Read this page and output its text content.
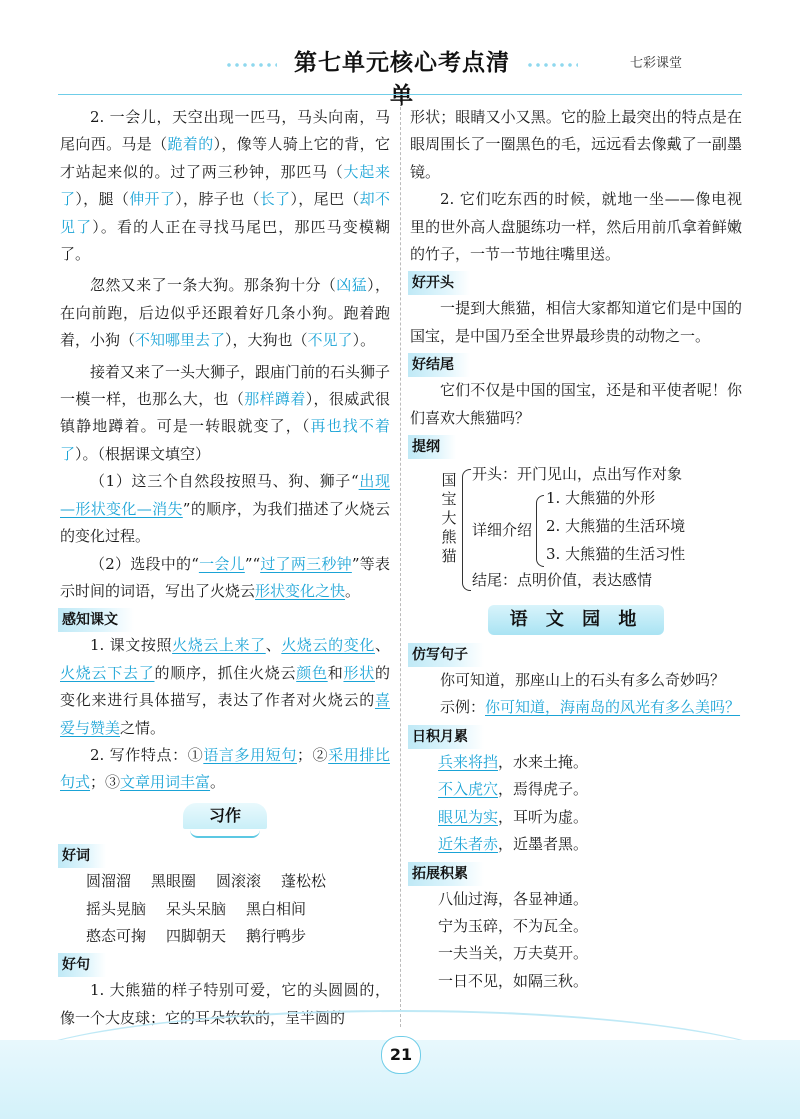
第七单元核心考点清单
七彩课堂

2. 一会儿，天空出现一匹马，马头向南，马尾向西。马是（跪着的），像等人骑上它的背，它才站起来似的。过了两三秒钟，那匹马（大起来了），腿（伸开了），脖子也（长了），尾巴（却不见了）。看的人正在寻找马尾巴，那匹马变模糊了。

忽然又来了一条大狗。那条狗十分（凶猛），在向前跑，后边似乎还跟着好几条小狗。跑着跑着，小狗（不知哪里去了），大狗也（不见了）。

接着又来了一头大狮子，跟庙门前的石头狮子一模一样，也那么大，也（那样蹲着），很威武很镇静地蹲着。可是一转眼就变了，（再也找不着了）。（根据课文填空）

（1）这三个自然段按照马、狗、狮子“出现—形状变化—消失”的顺序，为我们描述了火烧云的变化过程。

（2）选段中的“一会儿”“过了两三秒钟”等表示时间的词语，写出了火烧云形状变化之快。

感知课文

1. 课文按照火烧云上来了、火烧云的变化、火烧云下去了的顺序，抓住火烧云颜色和形状的变化来进行具体描写，表达了作者对火烧云的喜爱与赞美之情。

2. 写作特点：①语言多用短句；②采用排比句式；③文章用词丰富。

习作
好词
圆溜溜 黑眼圈 圆滚滚 蓬松松
摇头晃脑 呆头呆脑 黑白相间
憨态可掬 四脚朝天 鹅行鸭步
好句

1. 大熊猫的样子特别可爱，它的头圆圆的，像一个大皮球；它的耳朵软软的，呈半圆的

形状；眼睛又小又黑。它的脸上最突出的特点是在眼周围长了一圈黑色的毛，远远看去像戴了一副墨镜。

2. 它们吃东西的时候，就地一坐——像电视里的世外高人盘腿练功一样，然后用前爪拿着鲜嫩的竹子，一节一节地往嘴里送。

好开头

一提到大熊猫，相信大家都知道它们是中国的国宝，是中国乃至全世界最珍贵的动物之一。

好结尾

它们不仅是中国的国宝，还是和平使者呢！你们喜欢大熊猫吗？

提纲
国宝大熊猫
开头：开门见山，点出写作对象
详细介绍
1. 大熊猫的外形
2. 大熊猫的生活环境
3. 大熊猫的生活习性
结尾：点明价值，表达感情
语 文 园 地
仿写句子

你可知道，那座山上的石头有多么奇妙吗？

示例：你可知道，海南岛的风光有多么美吗？

日积月累
兵来将挡，水来土掩。
不入虎穴，焉得虎子。
眼见为实，耳听为虚。
近朱者赤，近墨者黑。
拓展积累
八仙过海，各显神通。
宁为玉碎，不为瓦全。
一夫当关，万夫莫开。
一日不见，如隔三秋。
21
